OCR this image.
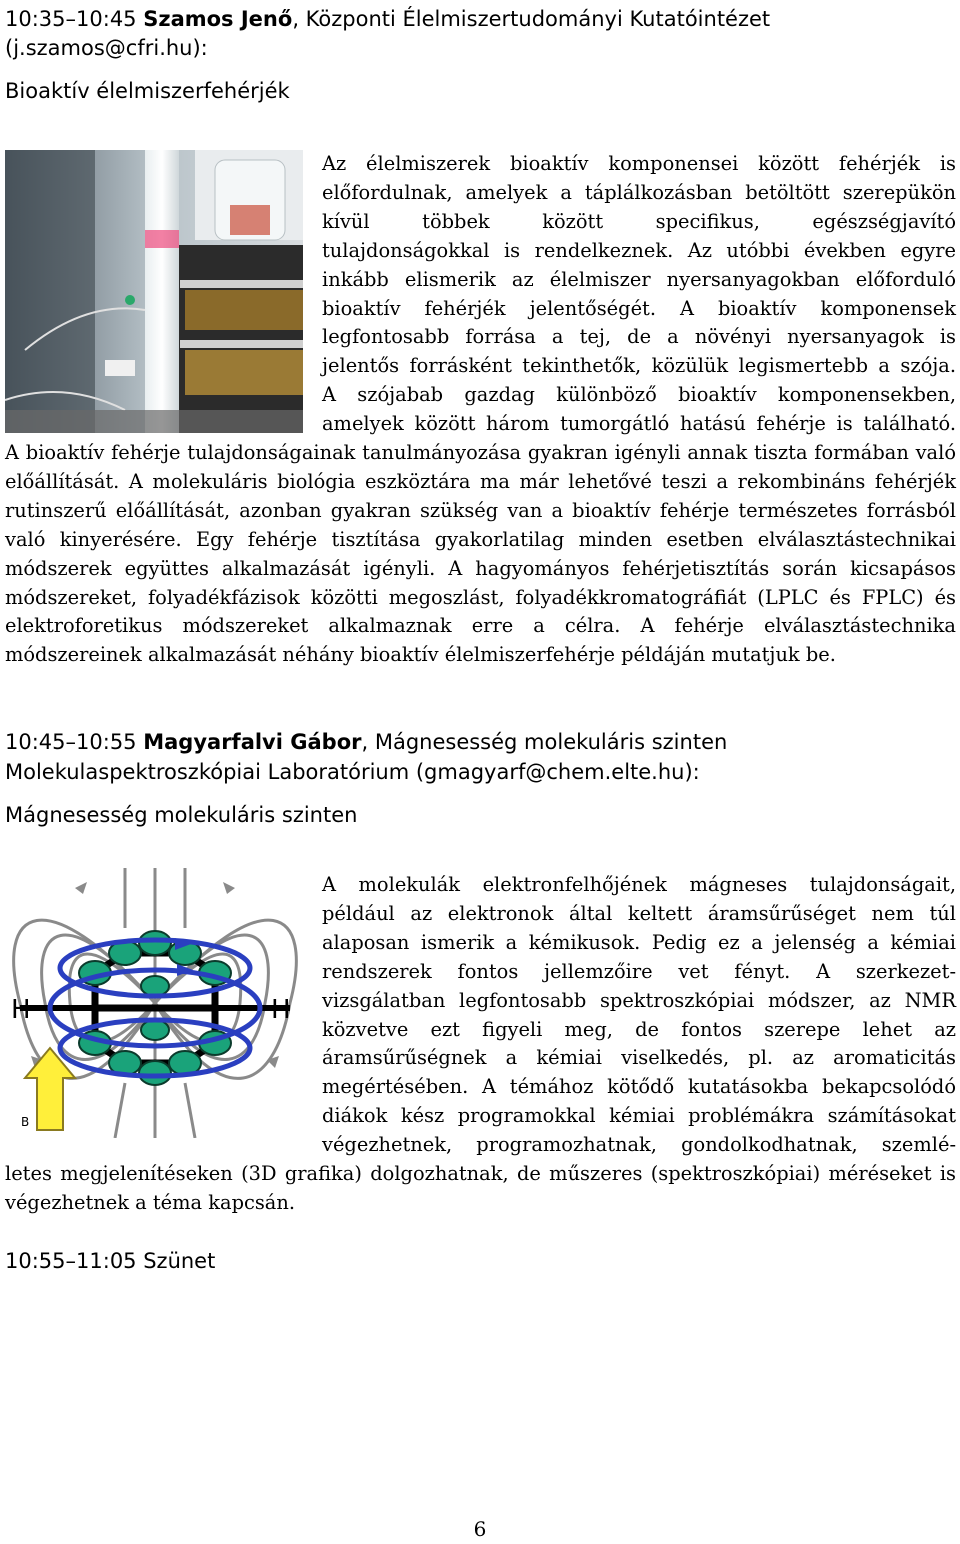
10:35–10:45 Szamos Jenő, Központi Élelmiszertudományi Kutatóintézet
(j.szamos@cfri.hu):
Bioaktív élelmiszerfehérjék

Az élelmiszerek bioaktív komponensei között fehérjék is

előfordulnak, amelyek a táplálkozásban betöltött szerepükön

kívül többek között specifikus, egészségjavító

tulajdonságokkal is rendelkeznek. Az utóbbi években egyre

inkább elismerik az élelmiszer nyersanyagokban előforduló

bioaktív fehérjék jelentőségét. A bioaktív komponensek

legfontosabb forrása a tej, de a növényi nyersanyagok is

jelentős forrásként tekinthetők, közülük legismertebb a szója.

A szójabab gazdag különböző bioaktív komponensekben,

amelyek között három tumorgátló hatású fehérje is található.

A bioaktív fehérje tulajdonságainak tanulmányozása gyakran igényli annak tiszta formában való előállítását. A molekuláris biológia eszköztára ma már lehetővé teszi a rekombináns fehérjék rutinszerű előállítását, azonban gyakran szükség van a bioaktív fehérje természetes forrásból való kinyerésére. Egy fehérje tisztítása gyakorlatilag minden esetben elválasztástechnikai módszerek együttes alkalmazását igényli. A hagyományos fehérjetisztítás során kicsapásos módszereket, folyadékfázisok közötti megoszlást, folyadékkromatográfiát (LPLC és FPLC) és elektroforetikus módszereket alkalmaznak erre a célra. A fehérje elválasztástechnika módszereinek alkalmazását néhány bioaktív élelmiszerfehérje példáján mutatjuk be.
10:45–10:55 Magyarfalvi Gábor, Mágnesesség molekuláris szinten
Molekulaspektroszkópiai Laboratórium (gmagyarf@chem.elte.hu):
Mágnesesség molekuláris szinten
H	H
B

A molekulák elektronfelhőjének mágneses tulajdonságait,

például az elektronok által keltett áramsűrűséget nem túl

alaposan ismerik a kémikusok. Pedig ez a jelenség a kémiai

rendszerek fontos jellemzőire vet fényt. A szerkezet-

vizsgálatban legfontosabb spektroszkópiai módszer, az NMR

közvetve ezt figyeli meg, de fontos szerepe lehet az

áramsűrűségnek a kémiai viselkedés, pl. az aromaticitás

megértésében. A témához kötődő kutatásokba bekapcsolódó

diákok kész programokkal kémiai problémákra számításokat

végezhetnek, programozhatnak, gondolkodhatnak, szemlé-

letes megjelenítéseken (3D grafika) dolgozhatnak, de műszeres (spektroszkópiai) méréseket is végezhetnek a téma kapcsán.
10:55–11:05 Szünet
6
